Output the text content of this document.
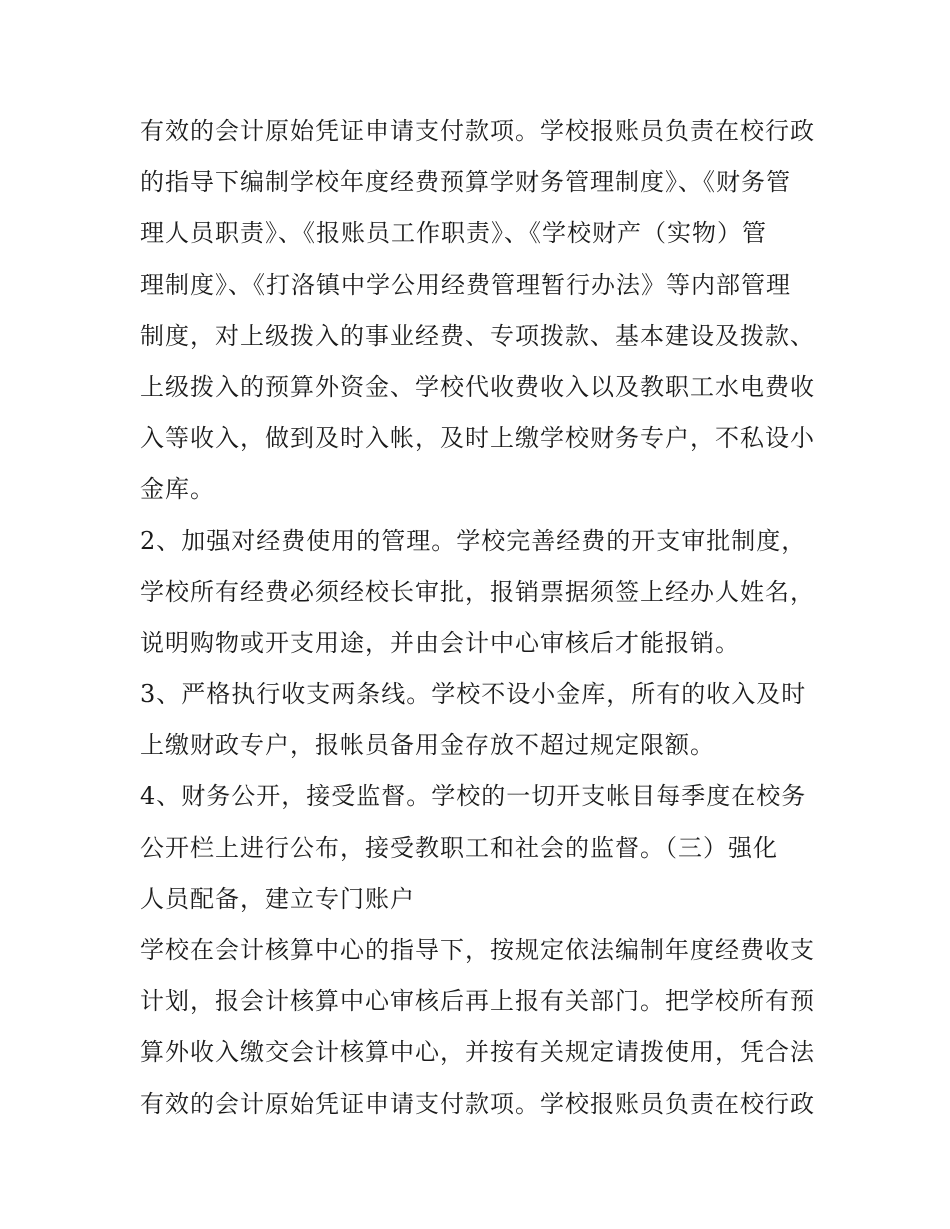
有效的会计原始凭证申请支付款项。学校报账员负责在校行政
的指导下编制学校年度经费预算学财务管理制度》、《财务管
理人员职责》、《报账员工作职责》、《学校财产（实物）管
理制度》、《打洛镇中学公用经费管理暂行办法》等内部管理
制度，对上级拨入的事业经费、专项拨款、基本建设及拨款、
上级拨入的预算外资金、学校代收费收入以及教职工水电费收
入等收入，做到及时入帐，及时上缴学校财务专户，不私设小
金库。
2、加强对经费使用的管理。学校完善经费的开支审批制度，
学校所有经费必须经校长审批，报销票据须签上经办人姓名，
说明购物或开支用途，并由会计中心审核后才能报销。
3、严格执行收支两条线。学校不设小金库，所有的收入及时
上缴财政专户，报帐员备用金存放不超过规定限额。
4、财务公开，接受监督。学校的一切开支帐目每季度在校务
公开栏上进行公布，接受教职工和社会的监督。（三）强化
人员配备，建立专门账户
学校在会计核算中心的指导下，按规定依法编制年度经费收支
计划，报会计核算中心审核后再上报有关部门。把学校所有预
算外收入缴交会计核算中心，并按有关规定请拨使用，凭合法
有效的会计原始凭证申请支付款项。学校报账员负责在校行政
